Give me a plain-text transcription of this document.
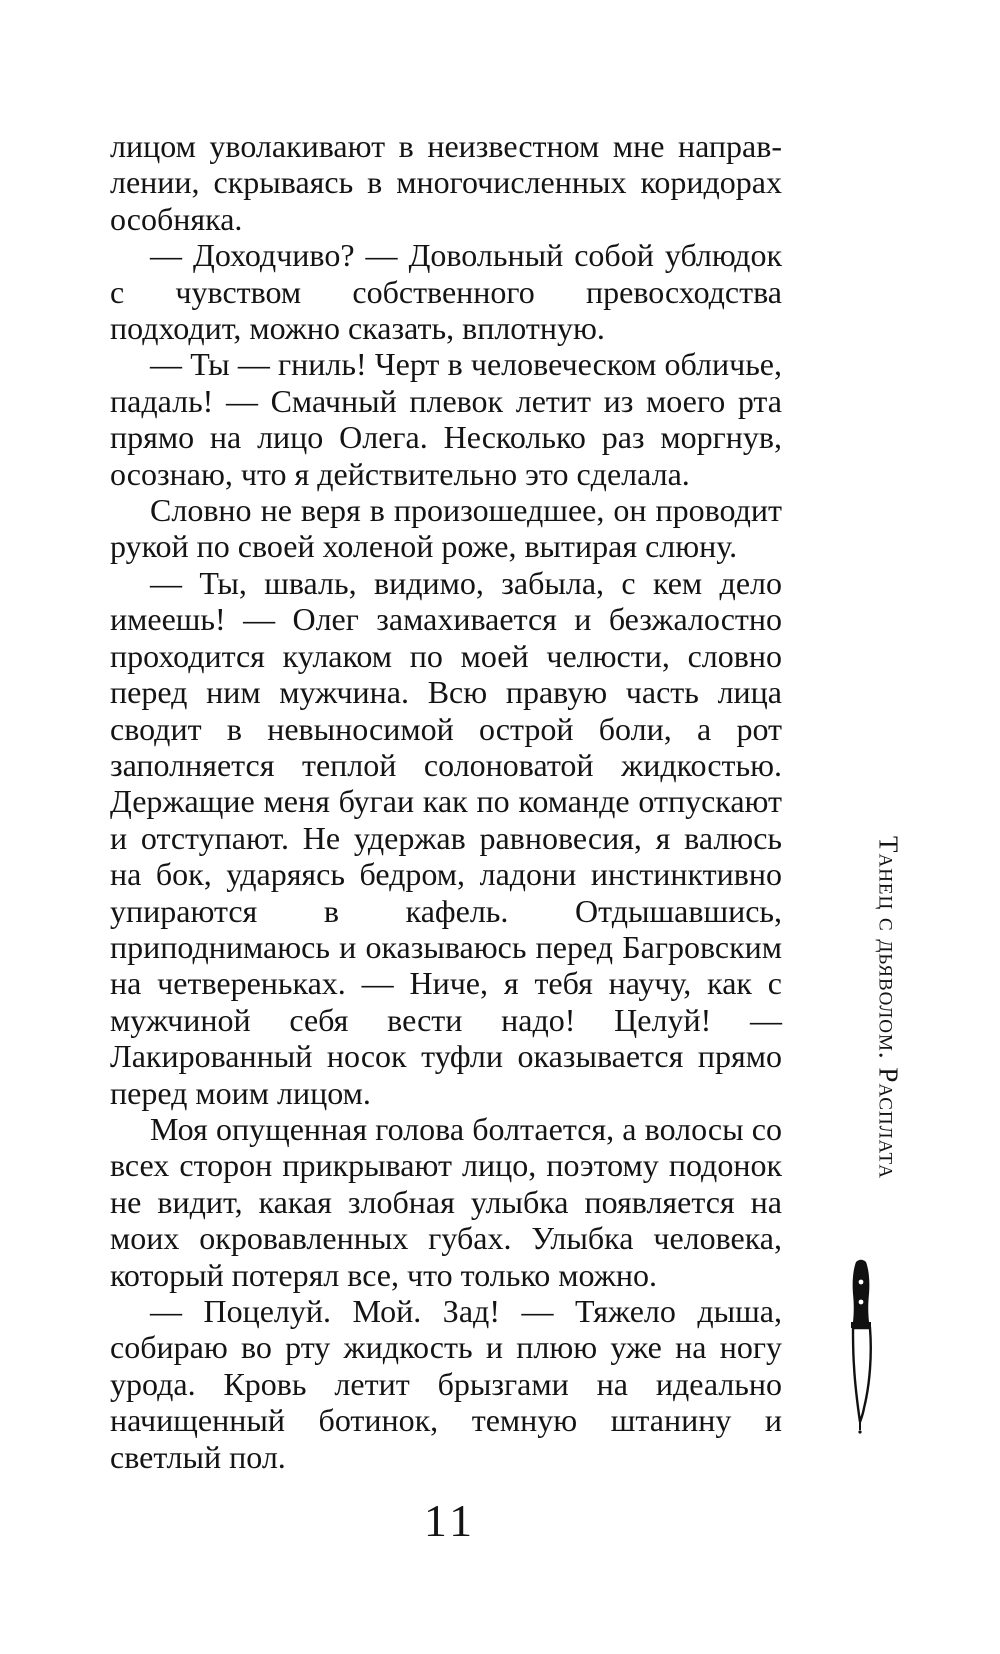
лицом уволакивают в неизвестном мне направлении, скрываясь в многочисленных коридорах особняка.

— Доходчиво? — Довольный собой ублюдок с чувством собственного превосходства подходит, можно сказать, вплотную.

— Ты — гниль! Черт в человеческом обличье, падаль! — Смачный плевок летит из моего рта прямо на лицо Олега. Несколько раз моргнув, осознаю, что я действительно это сделала.

Словно не веря в произошедшее, он проводит рукой по своей холеной роже, вытирая слюну.

— Ты, шваль, видимо, забыла, с кем дело имеешь! — Олег замахивается и безжалостно проходится кулаком по моей челюсти, словно перед ним мужчина. Всю правую часть лица сводит в невыносимой острой боли, а рот заполняется теплой солоноватой жидкостью. Держащие меня бугаи как по команде отпускают и отступают. Не удержав равновесия, я валюсь на бок, ударяясь бедром, ладони инстинктивно упираются в кафель. Отдышавшись, приподнимаюсь и оказываюсь перед Багровским на четвереньках. — Ниче, я тебя научу, как с мужчиной себя вести надо! Целуй! — Лакированный носок туфли оказывается прямо перед моим лицом.

Моя опущенная голова болтается, а волосы со всех сторон прикрывают лицо, поэтому подонок не видит, какая злобная улыбка появляется на моих окровавленных губах. Улыбка человека, который потерял все, что только можно.

— Поцелуй. Мой. Зад! — Тяжело дыша, собираю во рту жидкость и плюю уже на ногу урода. Кровь летит брызгами на идеально начищенный ботинок, темную штанину и светлый пол.

Танец с дьяволом. Расплата
11
